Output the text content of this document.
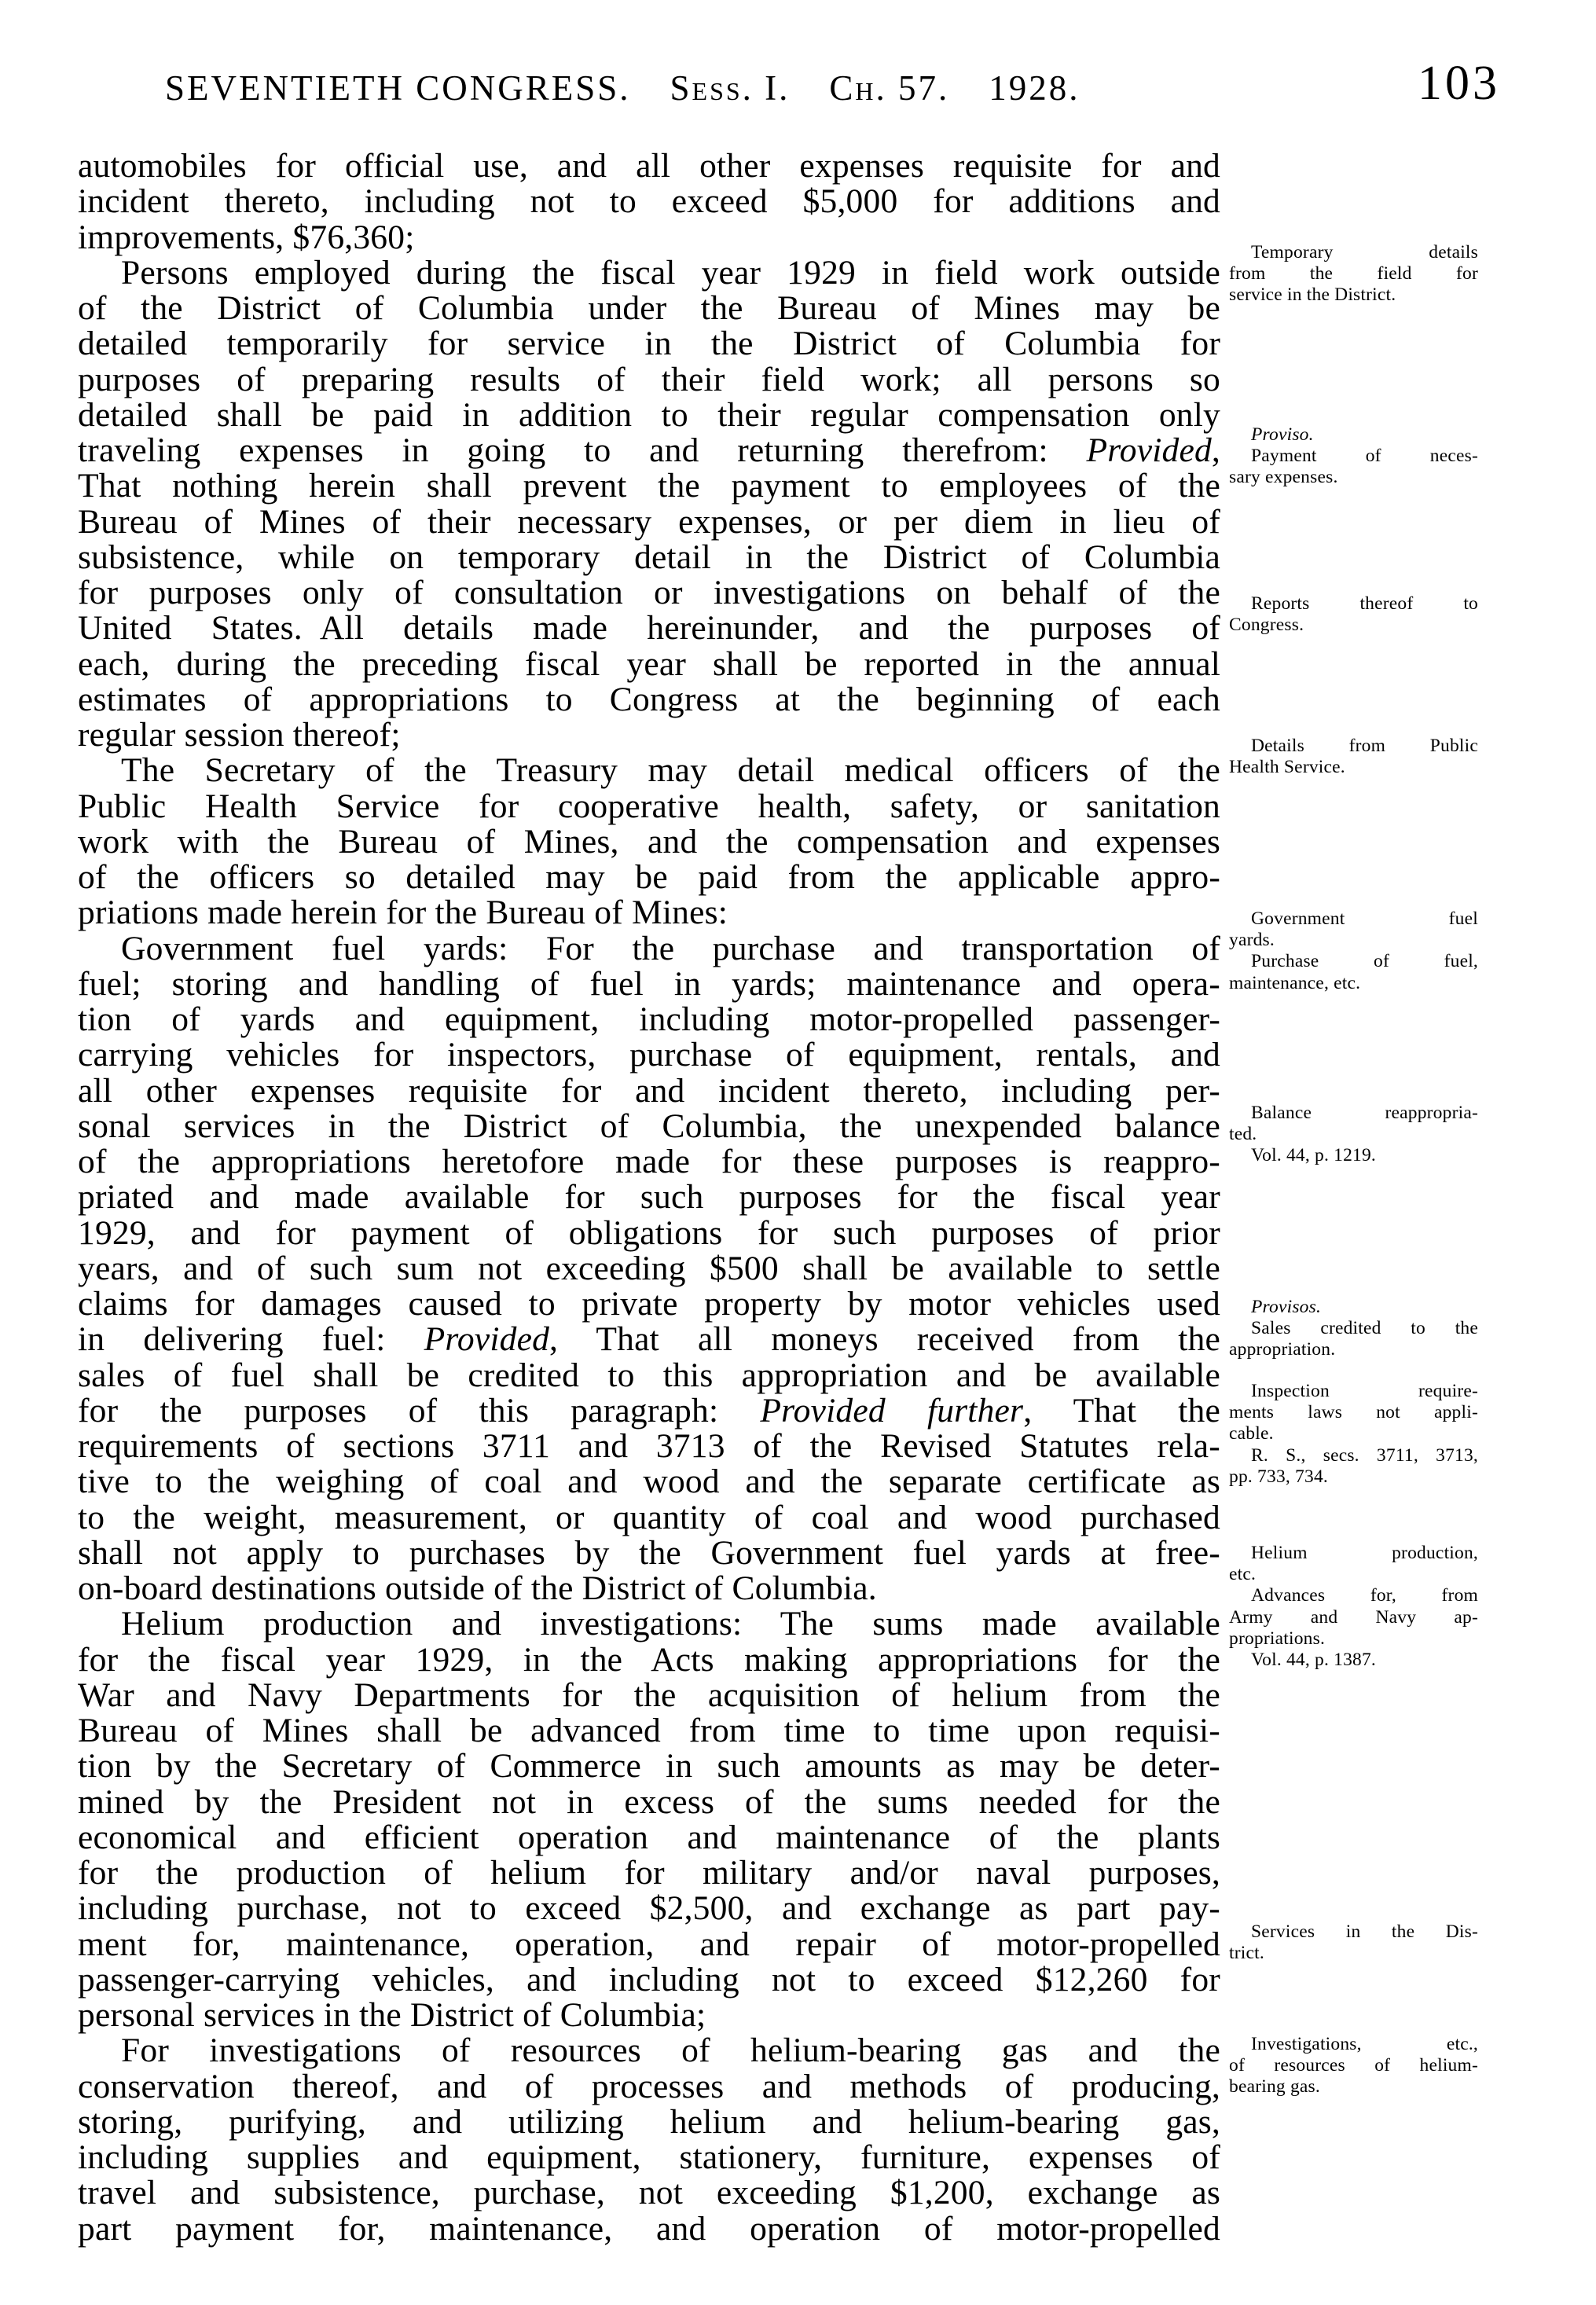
SEVENTIETH CONGRESS. Sess. I. Ch. 57. 1928.	103
automobiles for official use, and all other expenses requisite for and
incident thereto, including not to exceed $5,000 for additions and
improvements, $76,360;
Persons employed during the fiscal year 1929 in field work outside
of the District of Columbia under the Bureau of Mines may be
detailed temporarily for service in the District of Columbia for
purposes of preparing results of their field work; all persons so
detailed shall be paid in addition to their regular compensation only
traveling expenses in going to and returning therefrom: Provided,
That nothing herein shall prevent the payment to employees of the
Bureau of Mines of their necessary expenses, or per diem in lieu of
subsistence, while on temporary detail in the District of Columbia
for purposes only of consultation or investigations on behalf of the
United States. All details made hereinunder, and the purposes of
each, during the preceding fiscal year shall be reported in the annual
estimates of appropriations to Congress at the beginning of each
regular session thereof;
The Secretary of the Treasury may detail medical officers of the
Public Health Service for cooperative health, safety, or sanitation
work with the Bureau of Mines, and the compensation and expenses
of the officers so detailed may be paid from the applicable appro-
priations made herein for the Bureau of Mines:
Government fuel yards: For the purchase and transportation of
fuel; storing and handling of fuel in yards; maintenance and opera-
tion of yards and equipment, including motor-propelled passenger-
carrying vehicles for inspectors, purchase of equipment, rentals, and
all other expenses requisite for and incident thereto, including per-
sonal services in the District of Columbia, the unexpended balance
of the appropriations heretofore made for these purposes is reappro-
priated and made available for such purposes for the fiscal year
1929, and for payment of obligations for such purposes of prior
years, and of such sum not exceeding $500 shall be available to settle
claims for damages caused to private property by motor vehicles used
in delivering fuel: Provided, That all moneys received from the
sales of fuel shall be credited to this appropriation and be available
for the purposes of this paragraph: Provided further, That the
requirements of sections 3711 and 3713 of the Revised Statutes rela-
tive to the weighing of coal and wood and the separate certificate as
to the weight, measurement, or quantity of coal and wood purchased
shall not apply to purchases by the Government fuel yards at free-
on-board destinations outside of the District of Columbia.
Helium production and investigations: The sums made available
for the fiscal year 1929, in the Acts making appropriations for the
War and Navy Departments for the acquisition of helium from the
Bureau of Mines shall be advanced from time to time upon requisi-
tion by the Secretary of Commerce in such amounts as may be deter-
mined by the President not in excess of the sums needed for the
economical and efficient operation and maintenance of the plants
for the production of helium for military and/or naval purposes,
including purchase, not to exceed $2,500, and exchange as part pay-
ment for, maintenance, operation, and repair of motor-propelled
passenger-carrying vehicles, and including not to exceed $12,260 for
personal services in the District of Columbia;
For investigations of resources of helium-bearing gas and the
conservation thereof, and of processes and methods of producing,
storing, purifying, and utilizing helium and helium-bearing gas,
including supplies and equipment, stationery, furniture, expenses of
travel and subsistence, purchase, not exceeding $1,200, exchange as
part payment for, maintenance, and operation of motor-propelled
Temporary details
from the field for
service in the District.
Proviso.
Payment of neces-
sary expenses.
Reports thereof to
Congress.
Details from Public
Health Service.
Government fuel
yards.
Purchase of fuel,
maintenance, etc.
Balance reappropria-
ted.
Vol. 44, p. 1219.
Provisos.
Sales credited to the
appropriation.
Inspection require-
ments laws not appli-
cable.
R. S., secs. 3711, 3713,
pp. 733, 734.
Helium production,
etc.
Advances for, from
Army and Navy ap-
propriations.
Vol. 44, p. 1387.
Services in the Dis-
trict.
Investigations, etc.,
of resources of helium-
bearing gas.
